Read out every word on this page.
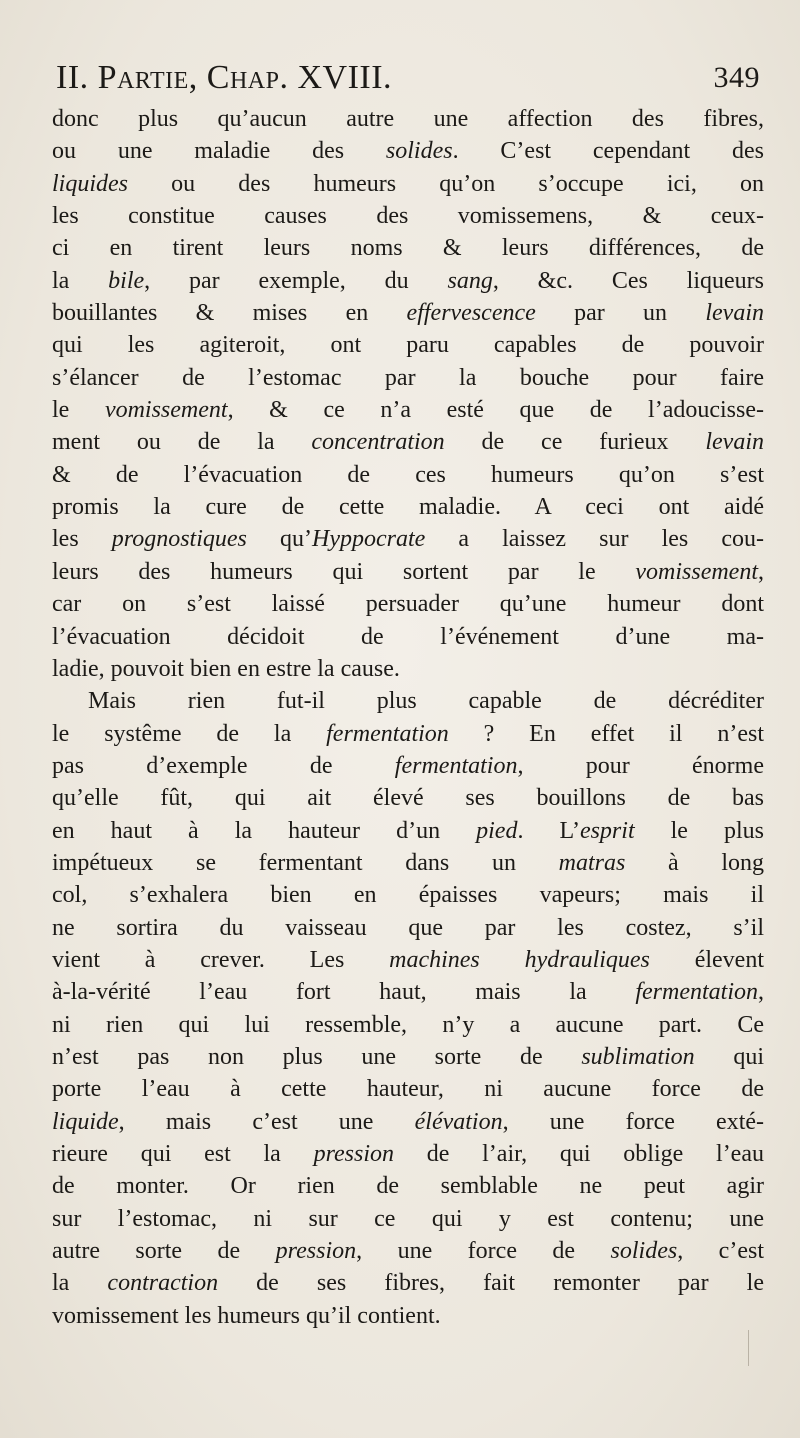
II. Partie, Chap. XVIII.	349
donc plus qu’aucun autre une affection des fibres,
ou une maladie des solides. C’est cependant des
liquides ou des humeurs qu’on s’occupe ici, on
les constitue causes des vomissemens, & ceux-
ci en tirent leurs noms & leurs différences, de
la bile, par exemple, du sang, &c. Ces liqueurs
bouillantes & mises en effervescence par un levain
qui les agiteroit, ont paru capables de pouvoir
s’élancer de l’estomac par la bouche pour faire
le vomissement, & ce n’a esté que de l’adoucisse-
ment ou de la concentration de ce furieux levain
& de l’évacuation de ces humeurs qu’on s’est
promis la cure de cette maladie. A ceci ont aidé
les prognostiques qu’Hyppocrate a laissez sur les cou-
leurs des humeurs qui sortent par le vomissement,
car on s’est laissé persuader qu’une humeur dont
l’évacuation décidoit de l’événement d’une ma-
ladie, pouvoit bien en estre la cause.
Mais rien fut-il plus capable de décréditer
le systême de la fermentation ? En effet il n’est
pas d’exemple de fermentation, pour énorme
qu’elle fût, qui ait élevé ses bouillons de bas
en haut à la hauteur d’un pied. L’esprit le plus
impétueux se fermentant dans un matras à long
col, s’exhalera bien en épaisses vapeurs; mais il
ne sortira du vaisseau que par les costez, s’il
vient à crever. Les machines hydrauliques élevent
à-la-vérité l’eau fort haut, mais la fermentation,
ni rien qui lui ressemble, n’y a aucune part. Ce
n’est pas non plus une sorte de sublimation qui
porte l’eau à cette hauteur, ni aucune force de
liquide, mais c’est une élévation, une force exté-
rieure qui est la pression de l’air, qui oblige l’eau
de monter. Or rien de semblable ne peut agir
sur l’estomac, ni sur ce qui y est contenu; une
autre sorte de pression, une force de solides, c’est
la contraction de ses fibres, fait remonter par le
vomissement les humeurs qu’il contient.
